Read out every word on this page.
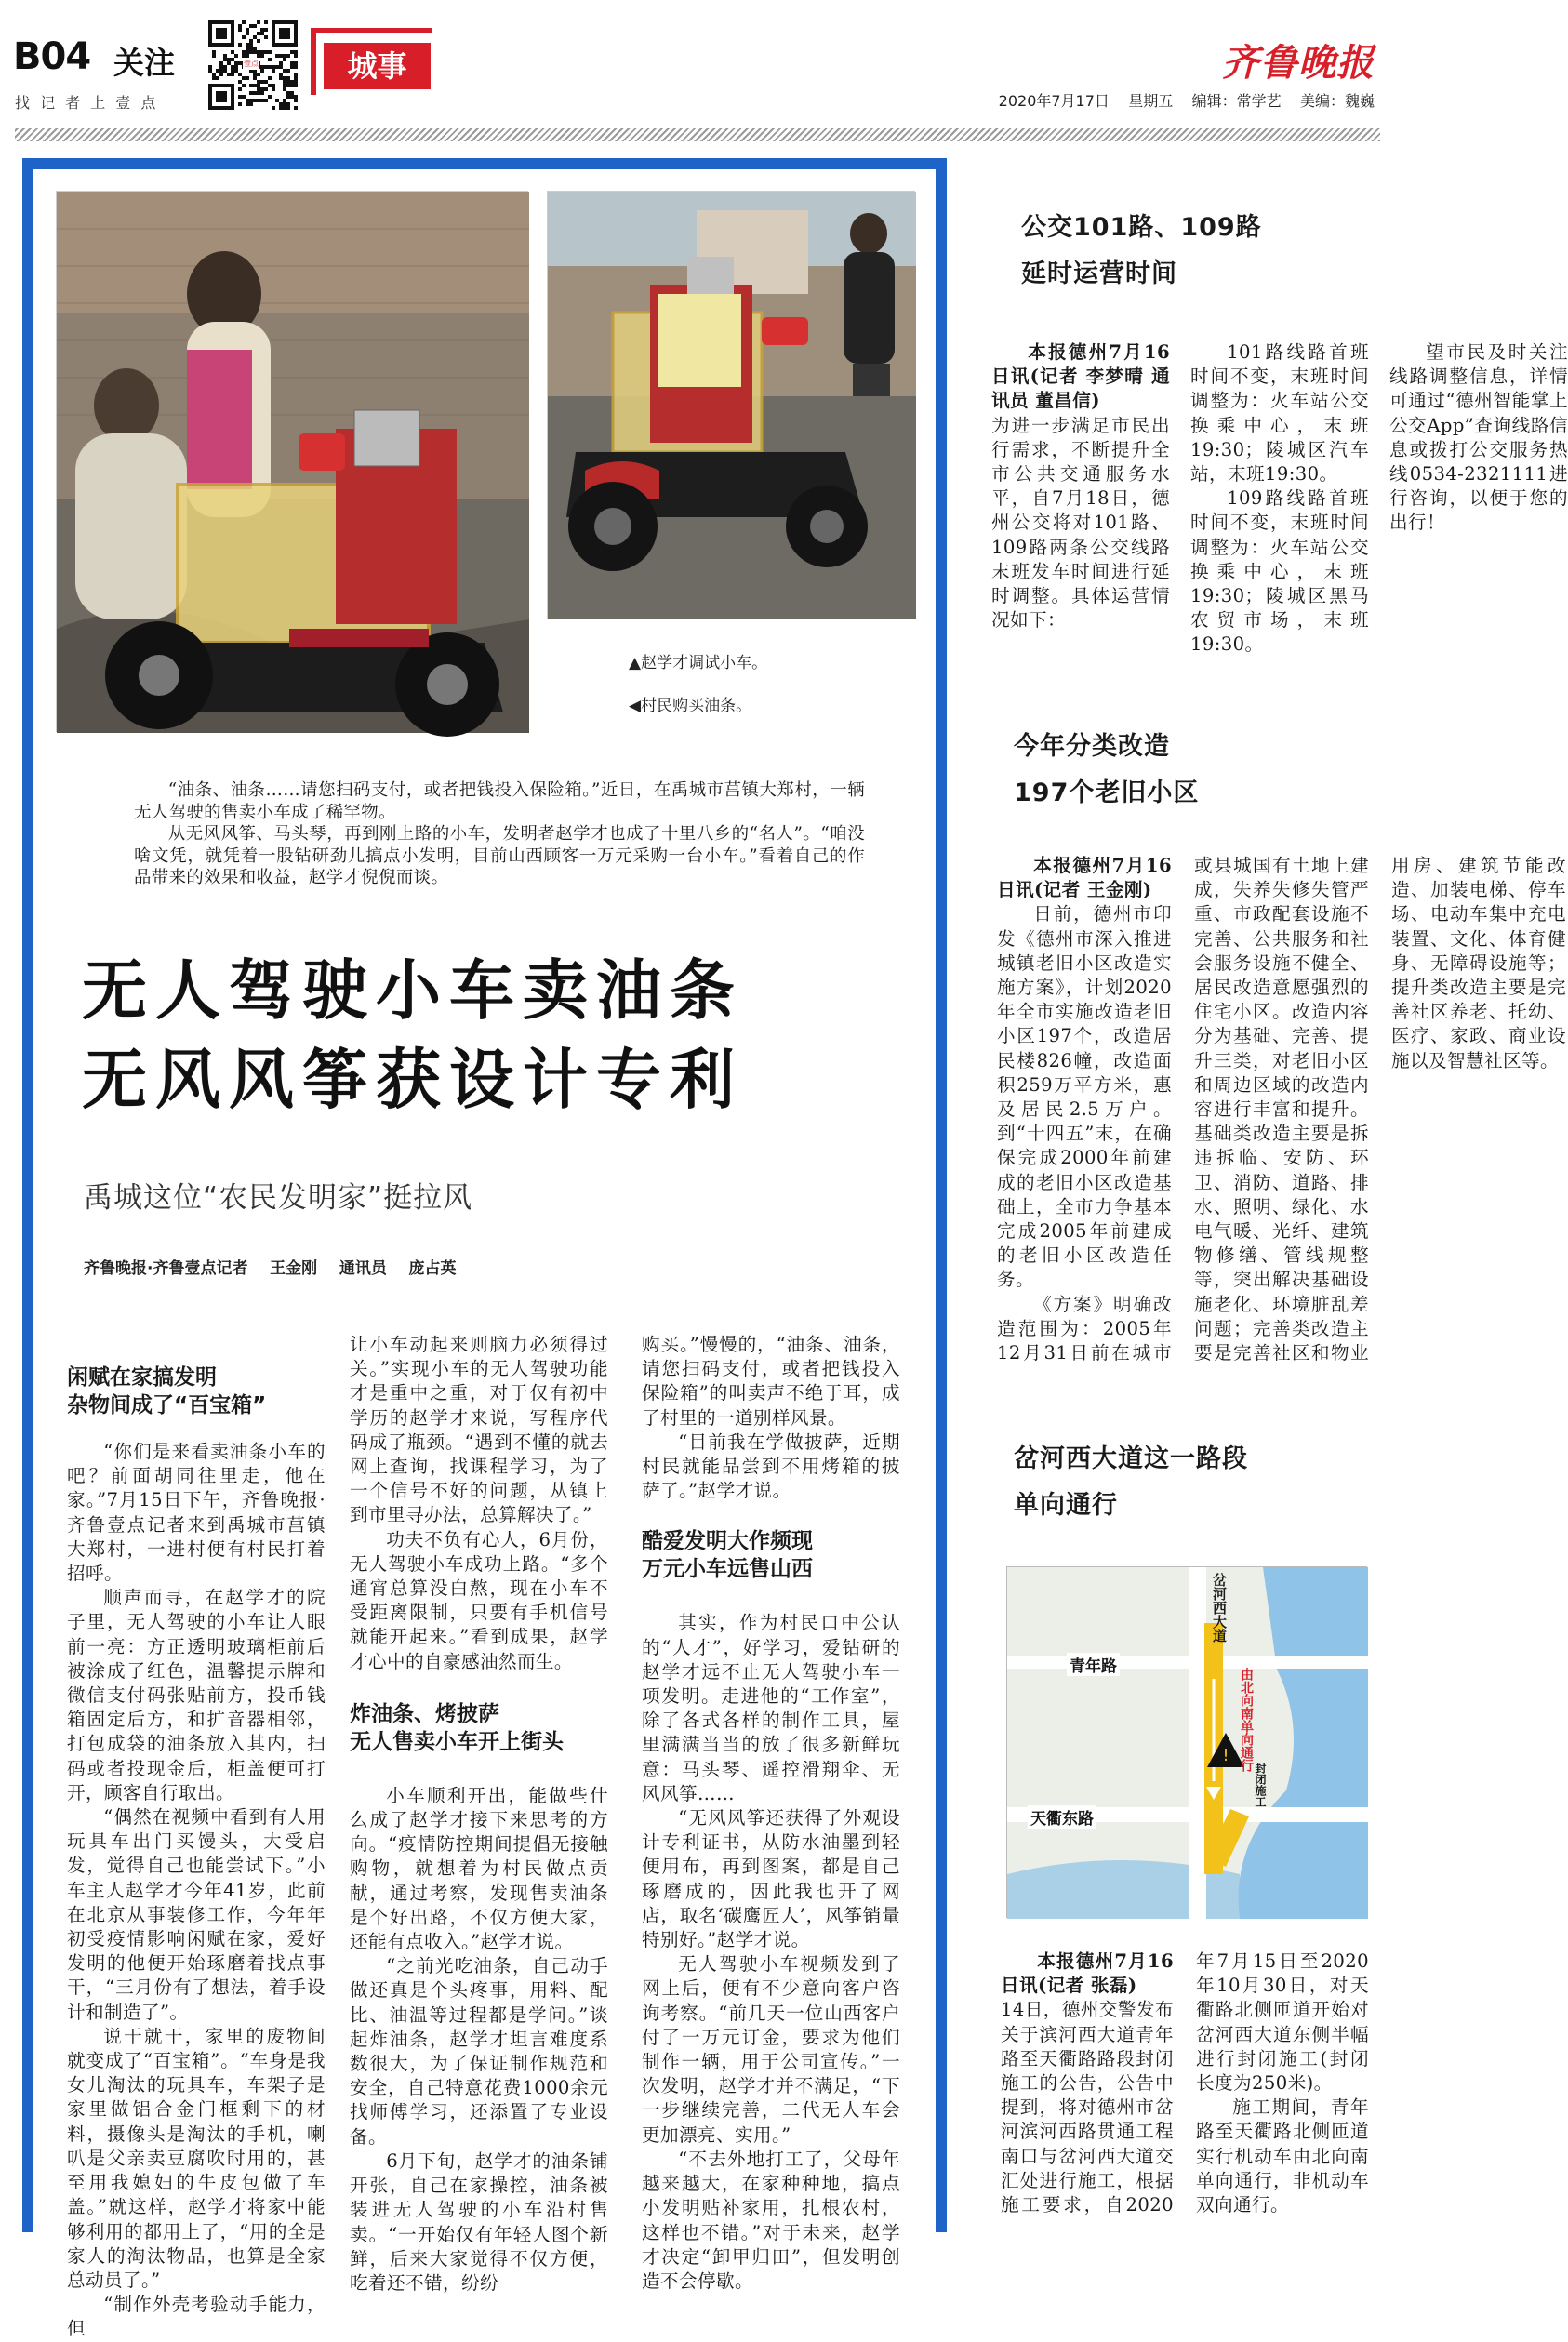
B04 关注
找 记 者 上 壹 点
壹点	城事	齐鲁晚报
2020年7月17日 星期五 编辑：常学艺 美编：魏巍
▲赵学才调试小车。
◀村民购买油条。

“油条、油条……请您扫码支付，或者把钱投入保险箱。”近日，在禹城市莒镇大郑村，一辆无人驾驶的售卖小车成了稀罕物。

从无风风筝、马头琴，再到刚上路的小车，发明者赵学才也成了十里八乡的“名人”。“咱没啥文凭，就凭着一股钻研劲儿搞点小发明，目前山西顾客一万元采购一台小车。”看着自己的作品带来的效果和收益，赵学才倪倪而谈。

无人驾驶小车卖油条
无风风筝获设计专利
禹城这位“农民发明家”挺拉风
齐鲁晚报·齐鲁壹点记者 王金刚 通讯员 庞占英
闲赋在家搞发明
杂物间成了“百宝箱”

“你们是来看卖油条小车的吧？前面胡同往里走，他在家。”7月15日下午，齐鲁晚报·齐鲁壹点记者来到禹城市莒镇大郑村，一进村便有村民打着招呼。

顺声而寻，在赵学才的院子里，无人驾驶的小车让人眼前一亮：方正透明玻璃柜前后被涂成了红色，温馨提示牌和微信支付码张贴前方，投币钱箱固定后方，和扩音器相邻，打包成袋的油条放入其内，扫码或者投现金后，柜盖便可打开，顾客自行取出。

“偶然在视频中看到有人用玩具车出门买馒头，大受启发，觉得自己也能尝试下。”小车主人赵学才今年41岁，此前在北京从事装修工作，今年年初受疫情影响闲赋在家，爱好发明的他便开始琢磨着找点事干，“三月份有了想法，着手设计和制造了”。

说干就干，家里的废物间就变成了“百宝箱”。“车身是我女儿淘汰的玩具车，车架子是家里做铝合金门框剩下的材料，摄像头是淘汰的手机，喇叭是父亲卖豆腐吹时用的，甚至用我媳妇的牛皮包做了车盖。”就这样，赵学才将家中能够利用的都用上了，“用的全是家人的淘汰物品，也算是全家总动员了。”

“制作外壳考验动手能力，但

让小车动起来则脑力必须得过关。”实现小车的无人驾驶功能才是重中之重，对于仅有初中学历的赵学才来说，写程序代码成了瓶颈。“遇到不懂的就去网上查询，找课程学习，为了一个信号不好的问题，从镇上到市里寻办法，总算解决了。”

功夫不负有心人，6月份，无人驾驶小车成功上路。“多个通宵总算没白熬，现在小车不受距离限制，只要有手机信号就能开起来。”看到成果，赵学才心中的自豪感油然而生。

炸油条、烤披萨
无人售卖小车开上街头

小车顺利开出，能做些什么成了赵学才接下来思考的方向。“疫情防控期间提倡无接触购物，就想着为村民做点贡献，通过考察，发现售卖油条是个好出路，不仅方便大家，还能有点收入。”赵学才说。

“之前光吃油条，自己动手做还真是个头疼事，用料、配比、油温等过程都是学问。”谈起炸油条，赵学才坦言难度系数很大，为了保证制作规范和安全，自己特意花费1000余元找师傅学习，还添置了专业设备。

6月下旬，赵学才的油条铺开张，自己在家操控，油条被装进无人驾驶的小车沿村售卖。“一开始仅有年轻人图个新鲜，后来大家觉得不仅方便，吃着还不错，纷纷

购买。”慢慢的，“油条、油条，请您扫码支付，或者把钱投入保险箱”的叫卖声不绝于耳，成了村里的一道别样风景。

“目前我在学做披萨，近期村民就能品尝到不用烤箱的披萨了。”赵学才说。

酷爱发明大作频现
万元小车远售山西

其实，作为村民口中公认的“人才”，好学习，爱钻研的赵学才远不止无人驾驶小车一项发明。走进他的“工作室”，除了各式各样的制作工具，屋里满满当当的放了很多新鲜玩意：马头琴、遥控滑翔伞、无风风筝……

“无风风筝还获得了外观设计专利证书，从防水油墨到轻便用布，再到图案，都是自己琢磨成的，因此我也开了网店，取名‘碳鹰匠人’，风筝销量特别好。”赵学才说。

无人驾驶小车视频发到了网上后，便有不少意向客户咨询考察。“前几天一位山西客户付了一万元订金，要求为他们制作一辆，用于公司宣传。”一次发明，赵学才并不满足，“下一步继续完善，二代无人车会更加漂亮、实用。”

“不去外地打工了，父母年越来越大，在家种种地，搞点小发明贴补家用，扎根农村，这样也不错。”对于未来，赵学才决定“卸甲归田”，但发明创造不会停歇。

公交101路、109路
延时运营时间

本报德州7月16日讯(记者 李梦晴 通讯员 董昌信)

为进一步满足市民出行需求，不断提升全市公共交通服务水平，自7月18日，德州公交将对101路、109路两条公交线路末班发车时间进行延时调整。具体运营情况如下：

101路线路首班时间不变，末班时间调整为：火车站公交换乘中心，末班19:30；陵城区汽车站，末班19:30。

109路线路首班时间不变，末班时间调整为：火车站公交换乘中心，末班19:30；陵城区黑马农贸市场，末班19:30。

望市民及时关注线路调整信息，详情可通过“德州智能掌上公交App”查询线路信息或拨打公交服务热线0534-2321111进行咨询，以便于您的出行！

今年分类改造
197个老旧小区

本报德州7月16日讯(记者 王金刚)

日前，德州市印发《德州市深入推进城镇老旧小区改造实施方案》，计划2020年全市实施改造老旧小区197个，改造居民楼826幢，改造面积259万平方米，惠及居民2.5万户。到“十四五”末，在确保完成2000年前建成的老旧小区改造基础上，全市力争基本完成2005年前建成的老旧小区改造任务。

《方案》明确改造范围为：2005年12月31日前在城市或县城国有土地上建成，失养失修失管严重、市政配套设施不完善、公共服务和社会服务设施不健全、居民改造意愿强烈的住宅小区。改造内容分为基础、完善、提升三类，对老旧小区和周边区域的改造内容进行丰富和提升。基础类改造主要是拆违拆临、安防、环卫、消防、道路、排水、照明、绿化、水电气暖、光纤、建筑物修缮、管线规整等，突出解决基础设施老化、环境脏乱差问题；完善类改造主要是完善社区和物业用房、建筑节能改造、加装电梯、停车场、电动车集中充电装置、文化、体育健身、无障碍设施等；提升类改造主要是完善社区养老、托幼、医疗、家政、商业设施以及智慧社区等。

岔河西大道这一路段
单向通行
!
岔河西大道
青年路
天衢东路
由北向南单向通行
封闭施工

本报德州7月16日讯(记者 张磊)

14日，德州交警发布关于滨河西大道青年路至天衢路路段封闭施工的公告，公告中提到，将对德州市岔河滨河西路贯通工程南口与岔河西大道交汇处进行施工，根据施工要求，自2020年7月15日至2020年10月30日，对天衢路北侧匝道开始对岔河西大道东侧半幅进行封闭施工(封闭长度为250米)。

施工期间，青年路至天衢路北侧匝道实行机动车由北向南单向通行，非机动车双向通行。
